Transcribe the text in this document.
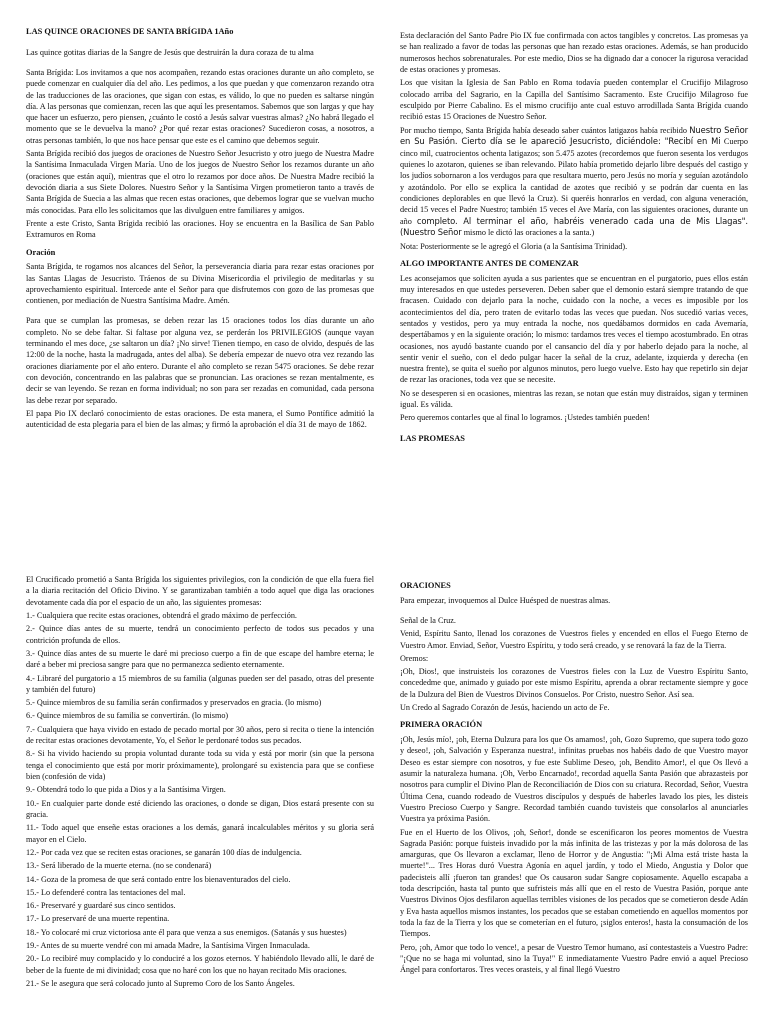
LAS QUINCE ORACIONES DE SANTA BRÍGIDA 1Año

Las quince gotitas diarias de la Sangre de Jesús que destruirán la dura coraza de tu alma

Santa Brígida: Los invitamos a que nos acompañen, rezando estas oraciones durante un año completo, se puede comenzar en cualquier día del año. Les pedimos, a los que puedan y que comenzaron rezando otra de las traducciones de las oraciones, que sigan con estas, es válido, lo que no pueden es saltarse ningún día. A las personas que comienzan, recen las que aquí les presentamos. Sabemos que son largas y que hay que hacer un esfuerzo, pero piensen, ¿cuánto le costó a Jesús salvar vuestras almas? ¿No habrá llegado el momento que se le devuelva la mano? ¿Por qué rezar estas oraciones? Sucedieron cosas, a nosotros, a otras personas también, lo que nos hace pensar que este es el camino que debemos seguir.

Santa Brígida recibió dos juegos de oraciones de Nuestro Señor Jesucristo y otro juego de Nuestra Madre la Santísima Inmaculada Virgen María. Uno de los juegos de Nuestro Señor los rezamos durante un año (oraciones que están aquí), mientras que el otro lo rezamos por doce años. De Nuestra Madre recibió la devoción diaria a sus Siete Dolores. Nuestro Señor y la Santísima Virgen prometieron tanto a través de Santa Brígida de Suecia a las almas que recen estas oraciones, que debemos lograr que se vuelvan mucho más conocidas. Para ello les solicitamos que las divulguen entre familiares y amigos.

Frente a este Cristo, Santa Brígida recibió las oraciones. Hoy se encuentra en la Basílica de San Pablo Extramuros en Roma

Oración

Santa Brígida, te rogamos nos alcances del Señor, la perseverancia diaria para rezar estas oraciones por las Santas Llagas de Jesucristo. Tráenos de su Divina Misericordia el privilegio de meditarlas y su aprovechamiento espiritual. Intercede ante el Señor para que disfrutemos con gozo de las promesas que contienen, por mediación de Nuestra Santísima Madre. Amén.

Para que se cumplan las promesas, se deben rezar las 15 oraciones todos los días durante un año completo. No se debe faltar. Si faltase por alguna vez, se perderán los PRIVILEGIOS (aunque vayan terminando el mes doce, ¿se saltaron un día? ¡No sirve! Tienen tiempo, en caso de olvido, después de las 12:00 de la noche, hasta la madrugada, antes del alba). Se debería empezar de nuevo otra vez rezando las oraciones diariamente por el año entero. Durante el año completo se rezan 5475 oraciones. Se debe rezar con devoción, concentrando en las palabras que se pronuncian. Las oraciones se rezan mentalmente, es decir se van leyendo. Se rezan en forma individual; no son para ser rezadas en comunidad, cada persona las debe rezar por separado.

El papa Pio IX declaró conocimiento de estas oraciones. De esta manera, el Sumo Pontífice admitió la autenticidad de esta plegaria para el bien de las almas; y firmó la aprobación el día 31 de mayo de 1862.

Esta declaración del Santo Padre Pio IX fue confirmada con actos tangibles y concretos. Las promesas ya se han realizado a favor de todas las personas que han rezado estas oraciones. Además, se han producido numerosos hechos sobrenaturales. Por este medio, Dios se ha dignado dar a conocer la rigurosa veracidad de estas oraciones y promesas.

Los que visitan la Iglesia de San Pablo en Roma todavía pueden contemplar el Crucifijo Milagroso colocado arriba del Sagrario, en la Capilla del Santísimo Sacramento. Este Crucifijo Milagroso fue esculpido por Pierre Cabalino. Es el mismo crucifijo ante cual estuvo arrodillada Santa Brígida cuando recibió estas 15 Oraciones de Nuestro Señor.

Por mucho tiempo, Santa Brígida había deseado saber cuántos latigazos había recibido Nuestro Señor en Su Pasión. Cierto día se le apareció Jesucristo, diciéndole: "Recibí en Mi Cuerpo cinco mil, cuatrocientos ochenta latigazos; son 5.475 azotes (recordemos que fueron sesenta los verdugos quienes lo azotaron, quienes se iban relevando. Pilato había prometido dejarlo libre después del castigo y los judíos sobornaron a los verdugos para que resultara muerto, pero Jesús no moría y seguían azotándolo y azotándolo. Por ello se explica la cantidad de azotes que recibió y se podrán dar cuenta en las condiciones deplorables en que llevó la Cruz). Si queréis honrarlos en verdad, con alguna veneración, decid 15 veces el Padre Nuestro; también 15 veces el Ave María, con las siguientes oraciones, durante un año completo. Al terminar el año, habréis venerado cada una de Mis Llagas". (Nuestro Señor mismo le dictó las oraciones a la santa.)

Nota: Posteriormente se le agregó el Gloria (a la Santísima Trinidad).

ALGO IMPORTANTE ANTES DE COMENZAR

Les aconsejamos que soliciten ayuda a sus parientes que se encuentran en el purgatorio, pues ellos están muy interesados en que ustedes perseveren. Deben saber que el demonio estará siempre tratando de que fracasen. Cuidado con dejarlo para la noche, cuidado con la noche, a veces es imposible por los acontecimientos del día, pero traten de evitarlo todas las veces que puedan. Nos sucedió varias veces, sentados y vestidos, pero ya muy entrada la noche, nos quedábamos dormidos en cada Avemaría, despertábamos y en la siguiente oración; lo mismo: tardamos tres veces el tiempo acostumbrado. En otras ocasiones, nos ayudó bastante cuando por el cansancio del día y por haberlo dejado para la noche, al sentir venir el sueño, con el dedo pulgar hacer la señal de la cruz, adelante, izquierda y derecha (en nuestra frente), se quita el sueño por algunos minutos, pero luego vuelve. Esto hay que repetirlo sin dejar de rezar las oraciones, toda vez que se necesite.

No se desesperen si en ocasiones, mientras las rezan, se notan que están muy distraídos, sigan y terminen igual. Es válida.

Pero queremos contarles que al final lo logramos. ¡Ustedes también pueden!

LAS PROMESAS

El Crucificado prometió a Santa Brígida los siguientes privilegios, con la condición de que ella fuera fiel a la diaria recitación del Oficio Divino. Y se garantizaban también a todo aquel que diga las oraciones devotamente cada día por el espacio de un año, las siguientes promesas:

1.- Cualquiera que recite estas oraciones, obtendrá el grado máximo de perfección.

2.- Quince días antes de su muerte, tendrá un conocimiento perfecto de todos sus pecados y una contrición profunda de ellos.

3.- Quince días antes de su muerte le daré mi precioso cuerpo a fin de que escape del hambre eterna; le daré a beber mi preciosa sangre para que no permanezca sediento eternamente.

4.- Libraré del purgatorio a 15 miembros de su familia (algunas pueden ser del pasado, otras del presente y también del futuro)

5.- Quince miembros de su familia serán confirmados y preservados en gracia. (lo mismo)

6.- Quince miembros de su familia se convertirán. (lo mismo)

7.- Cualquiera que haya vivido en estado de pecado mortal por 30 años, pero si recita o tiene la intención de recitar estas oraciones devotamente, Yo, el Señor le perdonaré todos sus pecados.

8.- Si ha vivido haciendo su propia voluntad durante toda su vida y está por morir (sin que la persona tenga el conocimiento que está por morir próximamente), prolongaré su existencia para que se confiese bien (confesión de vida)

9.- Obtendrá todo lo que pida a Dios y a la Santísima Virgen.

10.- En cualquier parte donde esté diciendo las oraciones, o donde se digan, Dios estará presente con su gracia.

11.- Todo aquel que enseñe estas oraciones a los demás, ganará incalculables méritos y su gloria será mayor en el Cielo.

12.- Por cada vez que se reciten estas oraciones, se ganarán 100 días de indulgencia.

13.- Será liberado de la muerte eterna. (no se condenará)

14.- Goza de la promesa de que será contado entre los bienaventurados del cielo.

15.- Lo defenderé contra las tentaciones del mal.

16.- Preservaré y guardaré sus cinco sentidos.

17.- Lo preservaré de una muerte repentina.

18.- Yo colocaré mi cruz victoriosa ante él para que venza a sus enemigos. (Satanás y sus huestes)

19.- Antes de su muerte vendré con mi amada Madre, la Santísima Virgen Inmaculada.

20.- Lo recibiré muy complacido y lo conduciré a los gozos eternos. Y habiéndolo llevado allí, le daré de beber de la fuente de mi divinidad; cosa que no haré con los que no hayan recitado Mis oraciones.

21.- Se le asegura que será colocado junto al Supremo Coro de los Santo Ángeles.

ORACIONES

Para empezar, invoquemos al Dulce Huésped de nuestras almas.

Señal de la Cruz.

Venid, Espíritu Santo, llenad los corazones de Vuestros fieles y encended en ellos el Fuego Eterno de Vuestro Amor. Enviad, Señor, Vuestro Espíritu, y todo será creado, y se renovará la faz de la Tierra.

Oremos:

¡Oh, Dios!, que instruisteis los corazones de Vuestros fieles con la Luz de Vuestro Espíritu Santo, concededme que, animado y guiado por este mismo Espíritu, aprenda a obrar rectamente siempre y goce de la Dulzura del Bien de Vuestros Divinos Consuelos. Por Cristo, nuestro Señor. Así sea.

Un Credo al Sagrado Corazón de Jesús, haciendo un acto de Fe.

PRIMERA ORACIÓN

¡Oh, Jesús mío!, ¡oh, Eterna Dulzura para los que Os amamos!, ¡oh, Gozo Supremo, que supera todo gozo y deseo!, ¡oh, Salvación y Esperanza nuestra!, infinitas pruebas nos habéis dado de que Vuestro mayor Deseo es estar siempre con nosotros, y fue este Sublime Deseo, ¡oh, Bendito Amor!, el que Os llevó a asumir la naturaleza humana. ¡Oh, Verbo Encarnado!, recordad aquella Santa Pasión que abrazasteis por nosotros para cumplir el Divino Plan de Reconciliación de Dios con su criatura. Recordad, Señor, Vuestra Última Cena, cuando rodeado de Vuestros discípulos y después de haberles lavado los pies, les disteis Vuestro Precioso Cuerpo y Sangre. Recordad también cuando tuvisteis que consolarlos al anunciarles Vuestra ya próxima Pasión.

Fue en el Huerto de los Olivos, ¡oh, Señor!, donde se escenificaron los peores momentos de Vuestra Sagrada Pasión: porque fuisteis invadido por la más infinita de las tristezas y por la más dolorosa de las amarguras, que Os llevaron a exclamar, lleno de Horror y de Angustia: "¡Mi Alma está triste hasta la muerte!"... Tres Horas duró Vuestra Agonía en aquel jardín, y todo el Miedo, Angustia y Dolor que padecisteis allí ¡fueron tan grandes! que Os causaron sudar Sangre copiosamente. Aquello escapaba a toda descripción, hasta tal punto que sufristeis más allí que en el resto de Vuestra Pasión, porque ante Vuestros Divinos Ojos desfilaron aquellas terribles visiones de los pecados que se cometieron desde Adán y Eva hasta aquellos mismos instantes, los pecados que se estaban cometiendo en aquellos momentos por toda la faz de la Tierra y los que se cometerían en el futuro, ¡siglos enteros!, hasta la consumación de los Tiempos.

Pero, ¡oh, Amor que todo lo vence!, a pesar de Vuestro Temor humano, así contestasteis a Vuestro Padre: "¡Que no se haga mi voluntad, sino la Tuya!" E inmediatamente Vuestro Padre envió a aquel Precioso Ángel para confortaros. Tres veces orasteis, y al final llegó Vuestro
